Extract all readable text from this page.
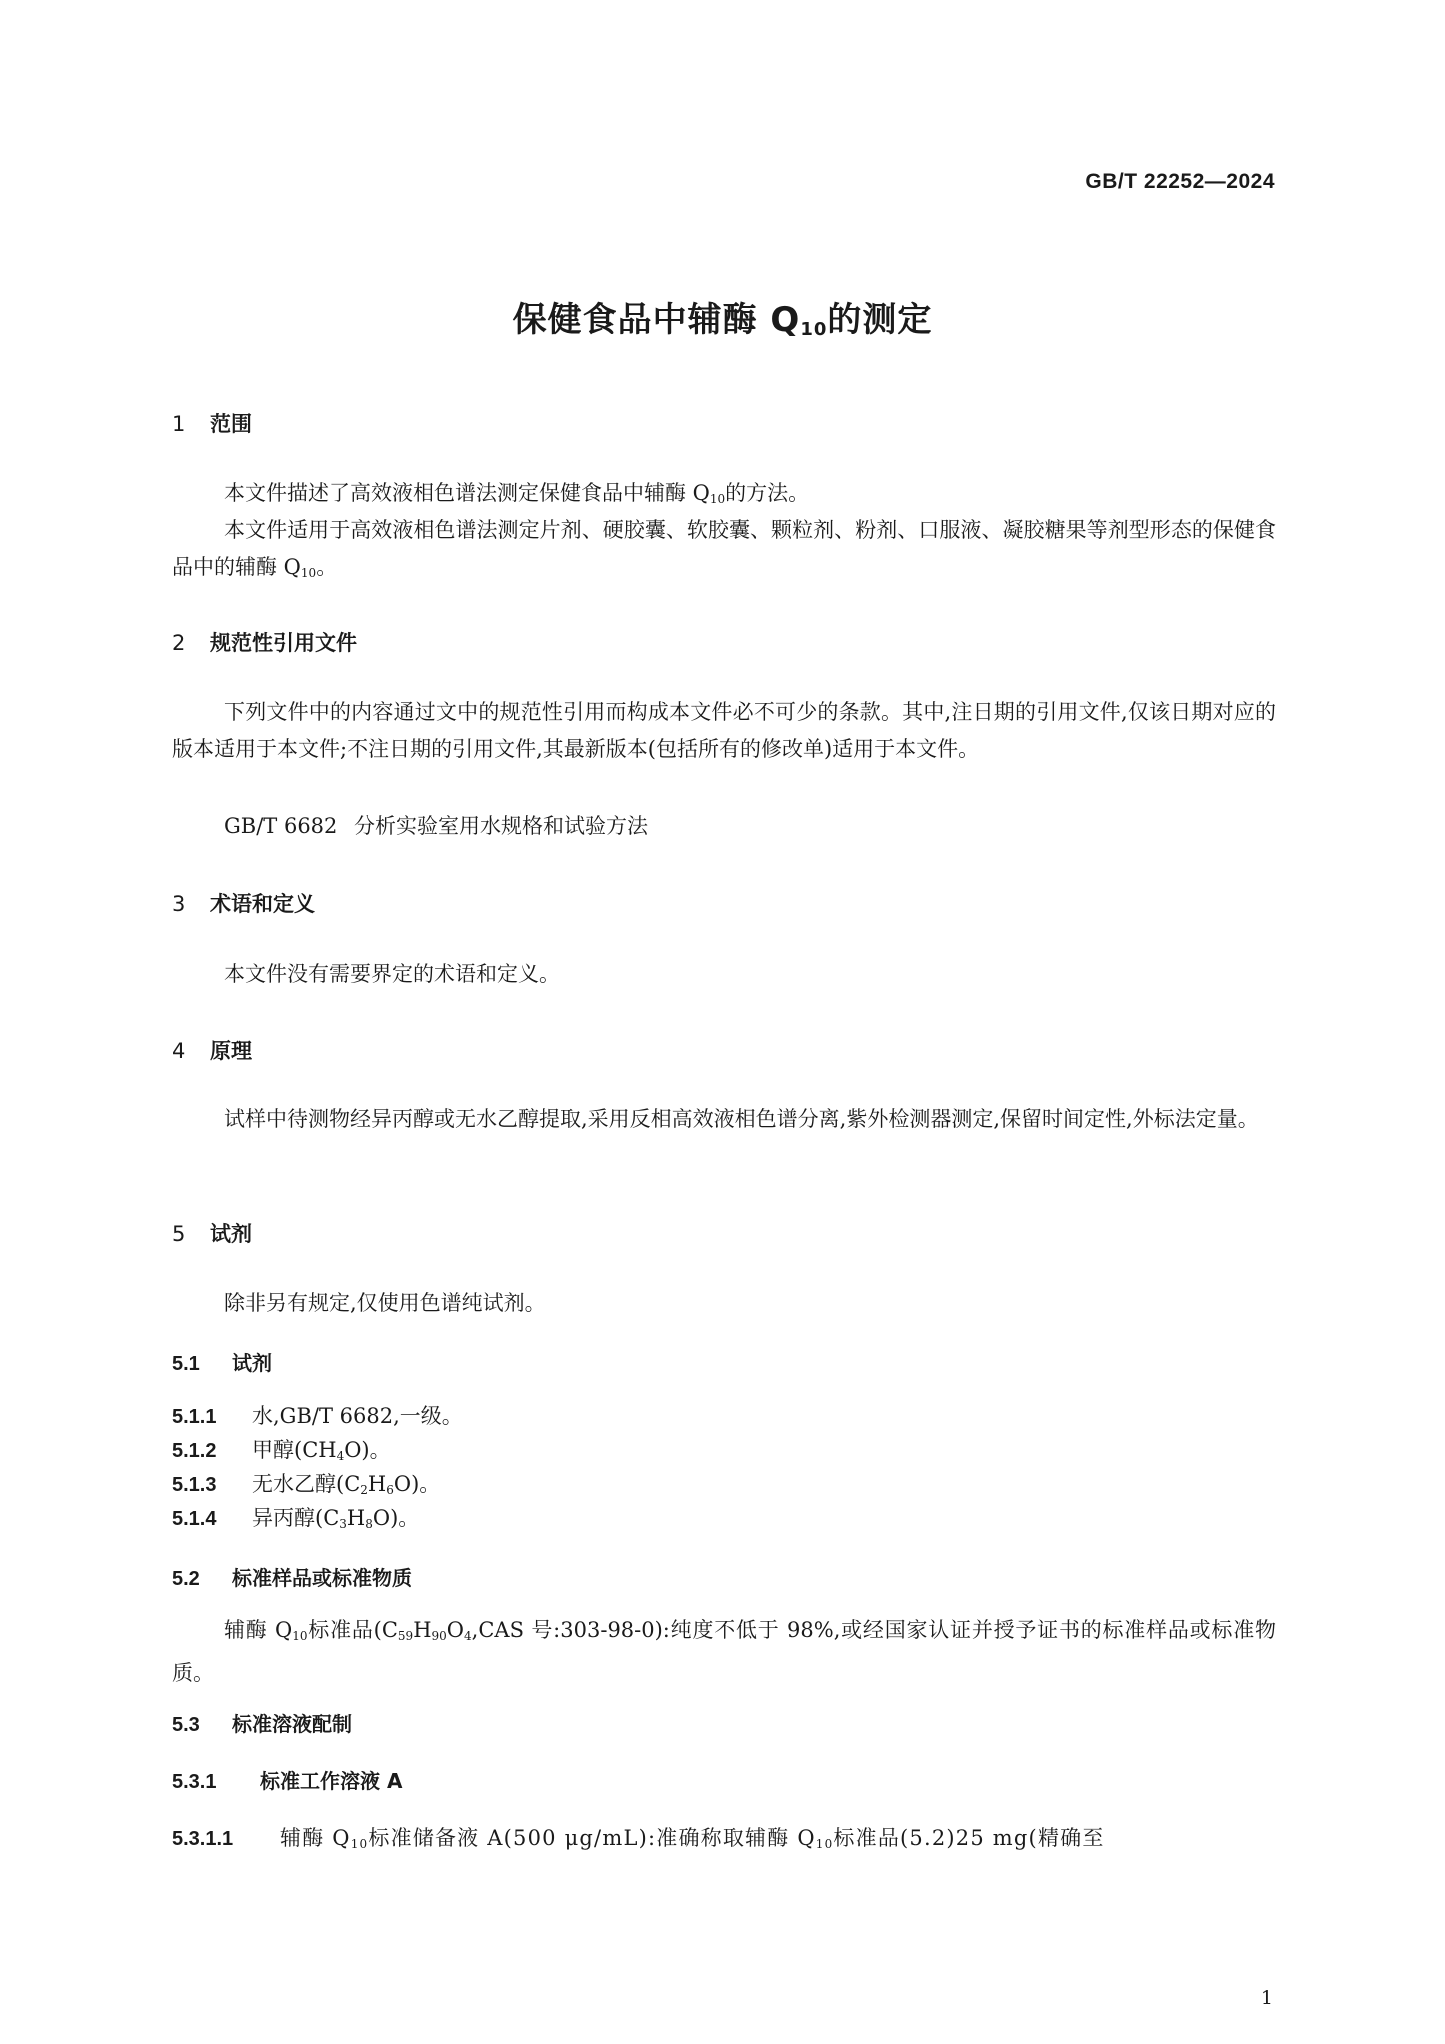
GB/T 22252—2024
保健食品中辅酶 $Q_{10}$的测定
1 范围
本文件描述了高效液相色谱法测定保健食品中辅酶 $Q_{10}$的方法。
本文件适用于高效液相色谱法测定片剂、硬胶囊、软胶囊、颗粒剂、粉剂、口服液、凝胶糖果等剂型形态的保健食品中的辅酶 $Q_{10}$。
2 规范性引用文件
下列文件中的内容通过文中的规范性引用而构成本文件必不可少的条款。其中,注日期的引用文件,仅该日期对应的版本适用于本文件;不注日期的引用文件,其最新版本(包括所有的修改单)适用于本文件。
GB/T 6682 分析实验室用水规格和试验方法
3 术语和定义
本文件没有需要界定的术语和定义。
4 原理
试样中待测物经异丙醇或无水乙醇提取,采用反相高效液相色谱分离,紫外检测器测定,保留时间定性,外标法定量。
5 试剂
除非另有规定,仅使用色谱纯试剂。
5.1 试剂
5.1.1 水,GB/T 6682,一级。
5.1.2 甲醇$(CH_4O)$。
5.1.3 无水乙醇$(C_2H_6O)$。
5.1.4 异丙醇$(C_3H_8O)$。
5.2 标准样品或标准物质
辅酶 $Q_{10}$标准品($C_{59}H_{90}O_4,CAS$ 号:303-98-0):纯度不低于 98%,或经国家认证并授予证书的标准样品或标准物质。
5.3 标准溶液配制
5.3.1 标准工作溶液 A
5.3.1.1 辅酶 $Q_{10}$标准储备液 A(500 μg/mL):准确称取辅酶 $Q_{10}$标准品(5.2)25 mg(精确至
1
